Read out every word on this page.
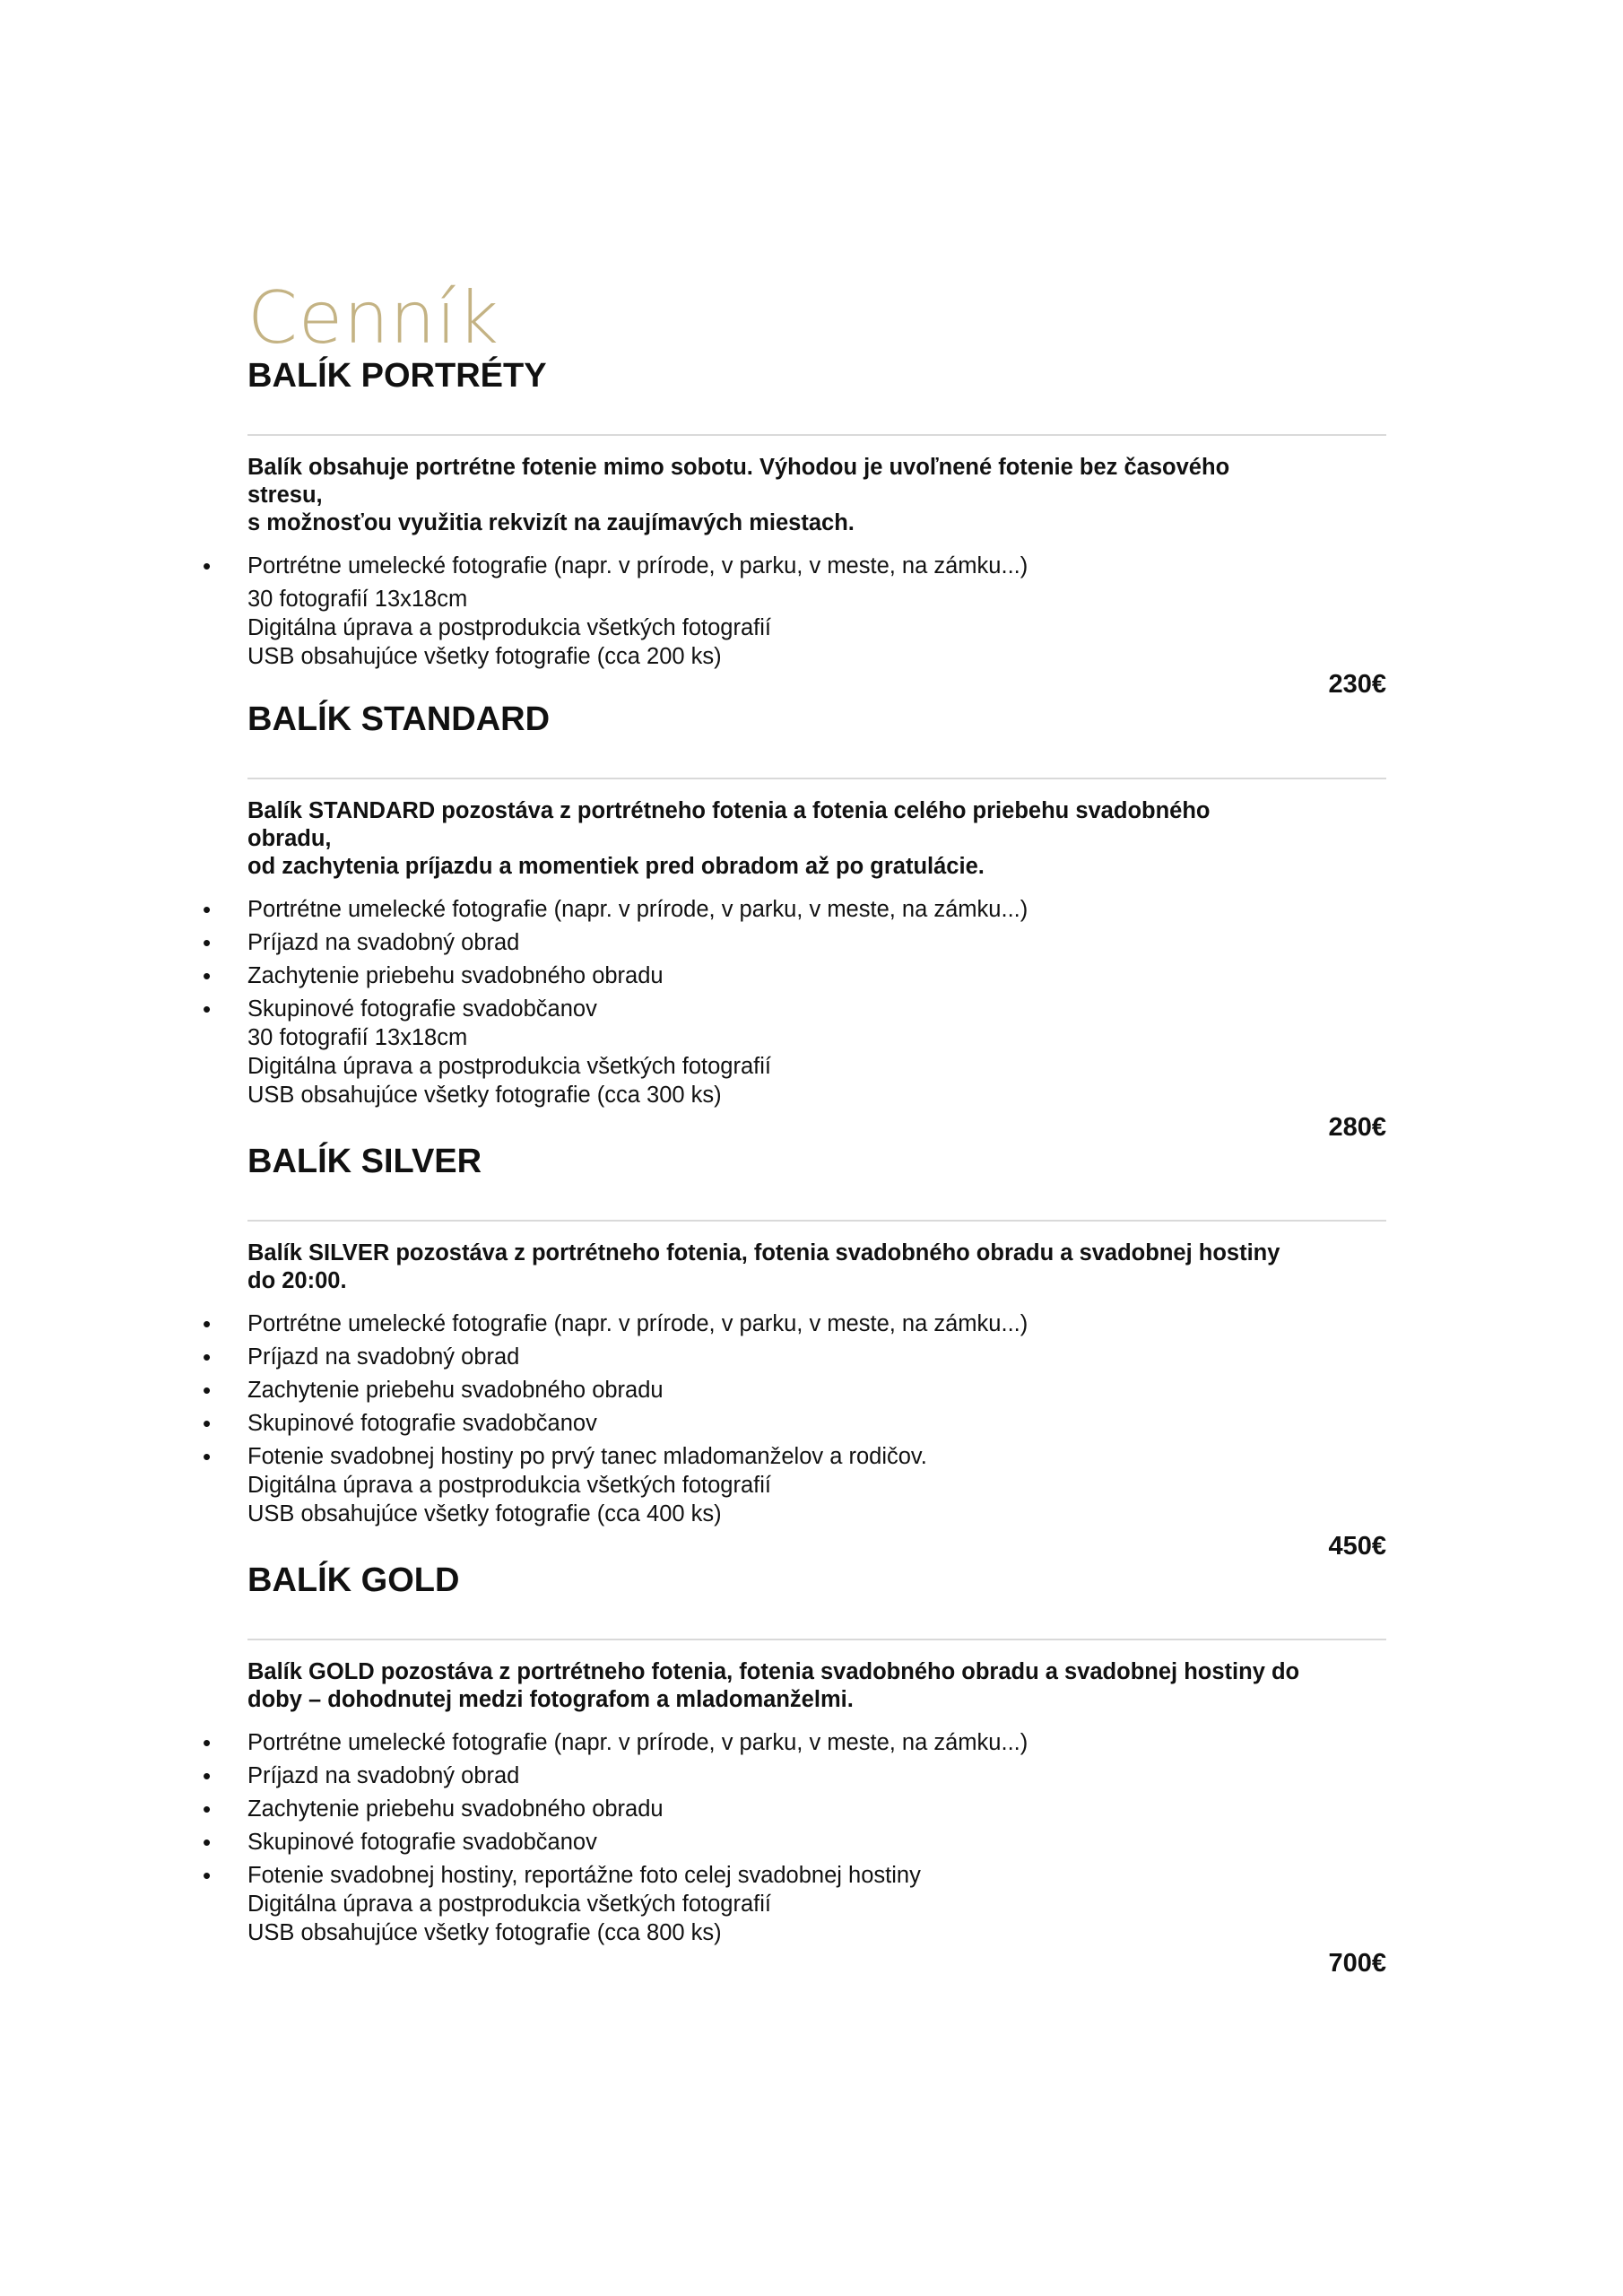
Cenník
BALÍK PORTRÉTY
Balík obsahuje portrétne fotenie mimo sobotu. Výhodou je uvoľnené fotenie bez časového
stresu,
s možnosťou využitia rekvizít na zaujímavých miestach.
• Portrétne umelecké fotografie (napr. v prírode, v parku, v meste, na zámku...)
30 fotografií 13x18cm
Digitálna úprava a postprodukcia všetkých fotografií
USB obsahujúce všetky fotografie (cca 200 ks)
230€
BALÍK STANDARD
Balík STANDARD pozostáva z portrétneho fotenia a fotenia celého priebehu svadobného
obradu,
od zachytenia príjazdu a momentiek pred obradom až po gratulácie.
• Portrétne umelecké fotografie (napr. v prírode, v parku, v meste, na zámku...)
• Príjazd na svadobný obrad
• Zachytenie priebehu svadobného obradu
• Skupinové fotografie svadobčanov
30 fotografií 13x18cm
Digitálna úprava a postprodukcia všetkých fotografií
USB obsahujúce všetky fotografie (cca 300 ks)
280€
BALÍK SILVER
Balík SILVER pozostáva z portrétneho fotenia, fotenia svadobného obradu a svadobnej hostiny
do 20:00.
• Portrétne umelecké fotografie (napr. v prírode, v parku, v meste, na zámku...)
• Príjazd na svadobný obrad
• Zachytenie priebehu svadobného obradu
• Skupinové fotografie svadobčanov
• Fotenie svadobnej hostiny po prvý tanec mladomanželov a rodičov.
Digitálna úprava a postprodukcia všetkých fotografií
USB obsahujúce všetky fotografie (cca 400 ks)
450€
BALÍK GOLD
Balík GOLD pozostáva z portrétneho fotenia, fotenia svadobného obradu a svadobnej hostiny do
doby – dohodnutej medzi fotografom a mladomanželmi.
• Portrétne umelecké fotografie (napr. v prírode, v parku, v meste, na zámku...)
• Príjazd na svadobný obrad
• Zachytenie priebehu svadobného obradu
• Skupinové fotografie svadobčanov
• Fotenie svadobnej hostiny, reportážne foto celej svadobnej hostiny
Digitálna úprava a postprodukcia všetkých fotografií
USB obsahujúce všetky fotografie (cca 800 ks)
700€
